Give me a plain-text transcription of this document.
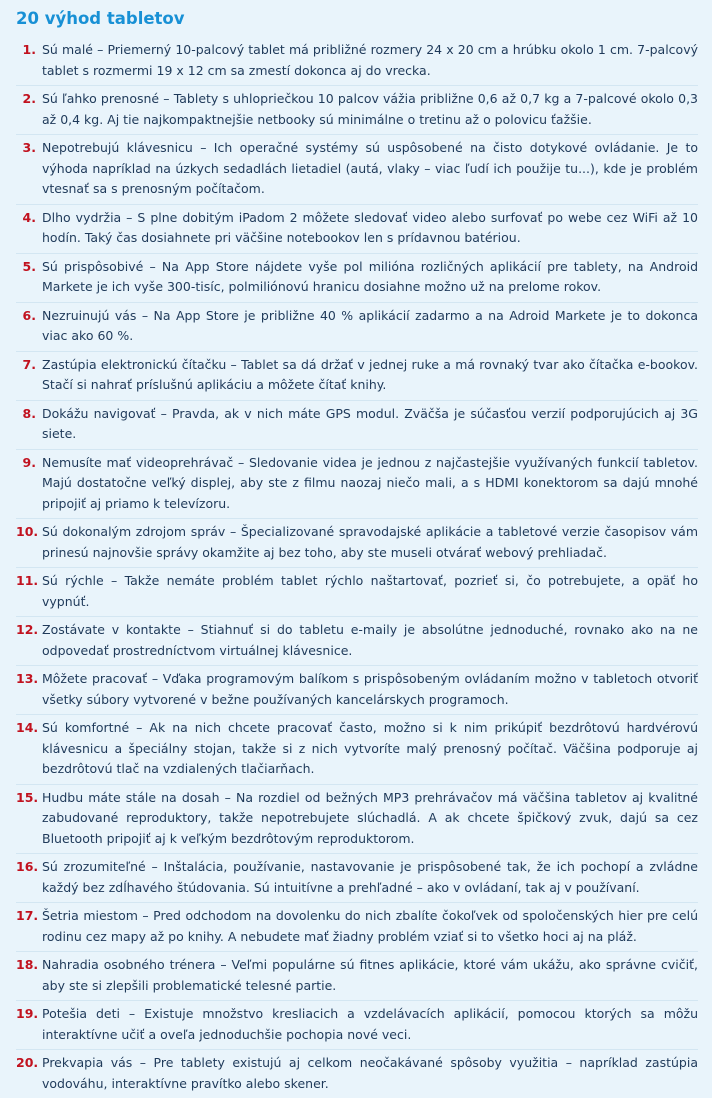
20 výhod tabletov
1. Sú malé – Priemerný 10-palcový tablet má približné rozmery 24 x 20 cm a hrúbku okolo 1 cm. 7-palcový tablet s rozmermi 19 x 12 cm sa zmestí dokonca aj do vrecka.
2. Sú ľahko prenosné – Tablety s uhlopriečkou 10 palcov vážia približne 0,6 až 0,7 kg a 7-palcové okolo 0,3 až 0,4 kg. Aj tie najkompaktnejšie netbooky sú minimálne o tretinu až o polovicu ťažšie.
3. Nepotrebujú klávesnicu – Ich operačné systémy sú uspôsobené na čisto dotykové ovládanie. Je to výhoda napríklad na úzkych sedadlách lietadiel (autá, vlaky – viac ľudí ich použije tu...), kde je problém vtesnať sa s prenosným počítačom.
4. Dlho vydržia – S plne dobitým iPadom 2 môžete sledovať video alebo surfovať po webe cez WiFi až 10 hodín. Taký čas dosiahnete pri väčšine notebookov len s prídavnou batériou.
5. Sú prispôsobivé – Na App Store nájdete vyše pol milióna rozličných aplikácií pre tablety, na Android Markete je ich vyše 300-tisíc, polmiliónovú hranicu dosiahne možno už na prelome rokov.
6. Nezruinujú vás – Na App Store je približne 40 % aplikácií zadarmo a na Adroid Markete je to dokonca viac ako 60 %.
7. Zastúpia elektronickú čítačku – Tablet sa dá držať v jednej ruke a má rovnaký tvar ako čítačka e-bookov. Stačí si nahrať príslušnú aplikáciu a môžete čítať knihy.
8. Dokážu navigovať – Pravda, ak v nich máte GPS modul. Zväčša je súčasťou verzií podporujúcich aj 3G siete.
9. Nemusíte mať videoprehrávač – Sledovanie videa je jednou z najčastejšie využívaných funkcií tabletov. Majú dostatočne veľký displej, aby ste z filmu naozaj niečo mali, a s HDMI konektorom sa dajú mnohé pripojiť aj priamo k televízoru.
10. Sú dokonalým zdrojom správ – Špecializované spravodajské aplikácie a tabletové verzie časopisov vám prinesú najnovšie správy okamžite aj bez toho, aby ste museli otvárať webový prehliadač.
11. Sú rýchle – Takže nemáte problém tablet rýchlo naštartovať, pozrieť si, čo potrebujete, a opäť ho vypnúť.
12. Zostávate v kontakte – Stiahnuť si do tabletu e-maily je absolútne jednoduché, rovnako ako na ne odpovedať prostredníctvom virtuálnej klávesnice.
13. Môžete pracovať – Vďaka programovým balíkom s prispôsobeným ovládaním možno v tabletoch otvoriť všetky súbory vytvorené v bežne používaných kancelárskych programoch.
14. Sú komfortné – Ak na nich chcete pracovať často, možno si k nim prikúpiť bezdrôtovú hardvérovú klávesnicu a špeciálny stojan, takže si z nich vytvoríte malý prenosný počítač. Väčšina podporuje aj bezdrôtovú tlač na vzdialených tlačiarňach.
15. Hudbu máte stále na dosah – Na rozdiel od bežných MP3 prehrávačov má väčšina tabletov aj kvalitné zabudované reproduktory, takže nepotrebujete slúchadlá. A ak chcete špičkový zvuk, dajú sa cez Bluetooth pripojiť aj k veľkým bezdrôtovým reproduktorom.
16. Sú zrozumiteľné – Inštalácia, používanie, nastavovanie je prispôsobené tak, že ich pochopí a zvládne každý bez zdĺhavého štúdovania. Sú intuitívne a prehľadné – ako v ovládaní, tak aj v používaní.
17. Šetria miestom – Pred odchodom na dovolenku do nich zbalíte čokoľvek od spoločenských hier pre celú rodinu cez mapy až po knihy. A nebudete mať žiadny problém vziať si to všetko hoci aj na pláž.
18. Nahradia osobného trénera – Veľmi populárne sú fitnes aplikácie, ktoré vám ukážu, ako správne cvičiť, aby ste si zlepšili problematické telesné partie.
19. Potešia deti – Existuje množstvo kresliacich a vzdelávacích aplikácií, pomocou ktorých sa môžu interaktívne učiť a oveľa jednoduchšie pochopia nové veci.
20. Prekvapia vás – Pre tablety existujú aj celkom neočakávané spôsoby využitia – napríklad zastúpia vodováhu, interaktívne pravítko alebo skener.
